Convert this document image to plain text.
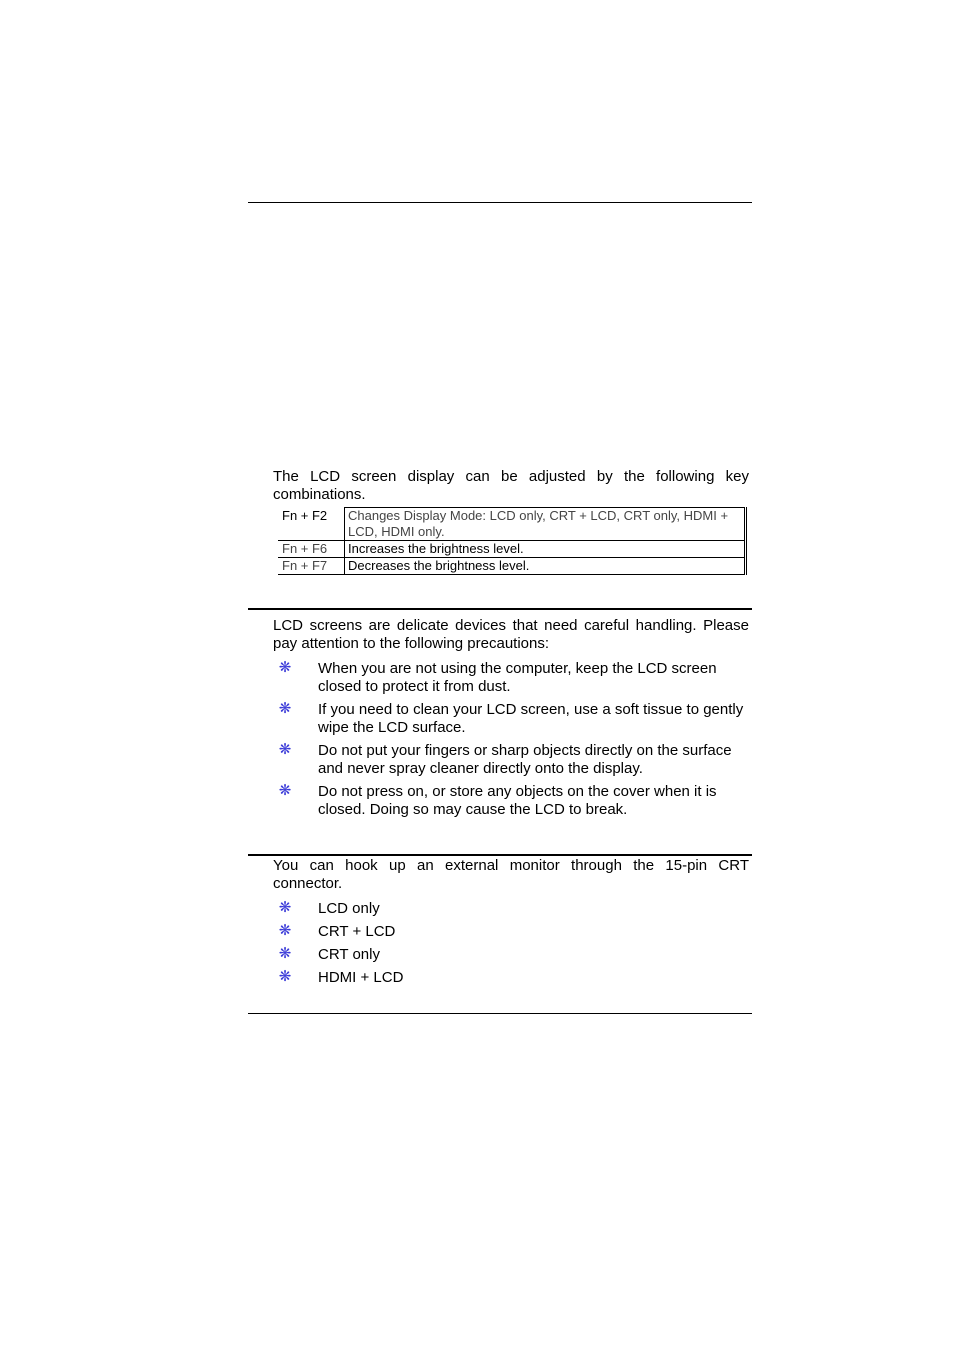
The LCD screen display can be adjusted by the following key combinations.

Fn + F2	Changes Display Mode: LCD only, CRT + LCD, CRT only, HDMI + LCD, HDMI only.
Fn + F6	Increases the brightness level.
Fn + F7	Decreases the brightness level.

LCD screens are delicate devices that need careful handling. Please pay attention to the following precautions:

❋ When you are not using the computer, keep the LCD screen closed to protect it from dust.
❋ If you need to clean your LCD screen, use a soft tissue to gently wipe the LCD surface.
❋ Do not put your fingers or sharp objects directly on the surface and never spray cleaner directly onto the display.
❋ Do not press on, or store any objects on the cover when it is closed. Doing so may cause the LCD to break.

You can hook up an external monitor through the 15-pin CRT connector.

❋ LCD only
❋ CRT + LCD
❋ CRT only
❋ HDMI + LCD
